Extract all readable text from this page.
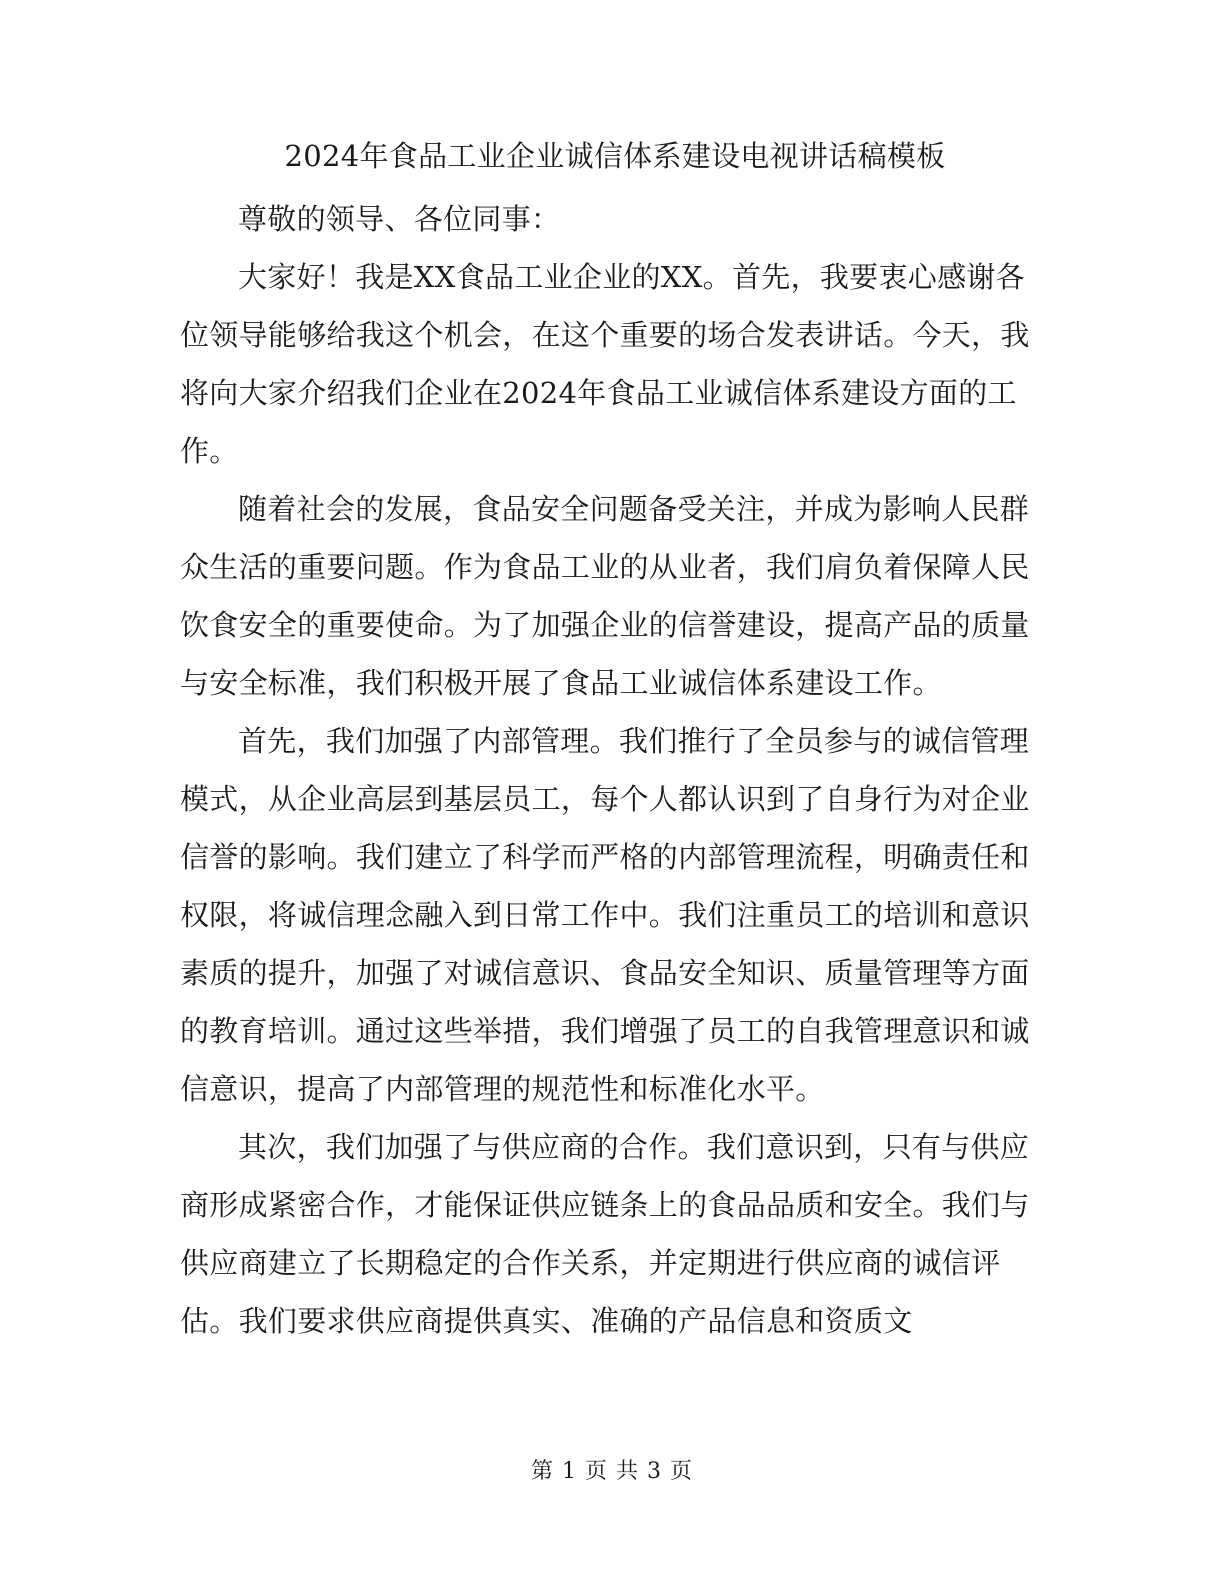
2024年食品工业企业诚信体系建设电视讲话稿模板

尊敬的领导、各位同事：

大家好！我是XX食品工业企业的XX。首先，我要衷心感谢各位领导能够给我这个机会，在这个重要的场合发表讲话。今天，我将向大家介绍我们企业在2024年食品工业诚信体系建设方面的工作。

随着社会的发展，食品安全问题备受关注，并成为影响人民群众生活的重要问题。作为食品工业的从业者，我们肩负着保障人民饮食安全的重要使命。为了加强企业的信誉建设，提高产品的质量与安全标准，我们积极开展了食品工业诚信体系建设工作。

首先，我们加强了内部管理。我们推行了全员参与的诚信管理模式，从企业高层到基层员工，每个人都认识到了自身行为对企业信誉的影响。我们建立了科学而严格的内部管理流程，明确责任和权限，将诚信理念融入到日常工作中。我们注重员工的培训和意识素质的提升，加强了对诚信意识、食品安全知识、质量管理等方面的教育培训。通过这些举措，我们增强了员工的自我管理意识和诚信意识，提高了内部管理的规范性和标准化水平。

其次，我们加强了与供应商的合作。我们意识到，只有与供应商形成紧密合作，才能保证供应链条上的食品品质和安全。我们与供应商建立了长期稳定的合作关系，并定期进行供应商的诚信评估。我们要求供应商提供真实、准确的产品信息和资质文

第 1 页 共 3 页
